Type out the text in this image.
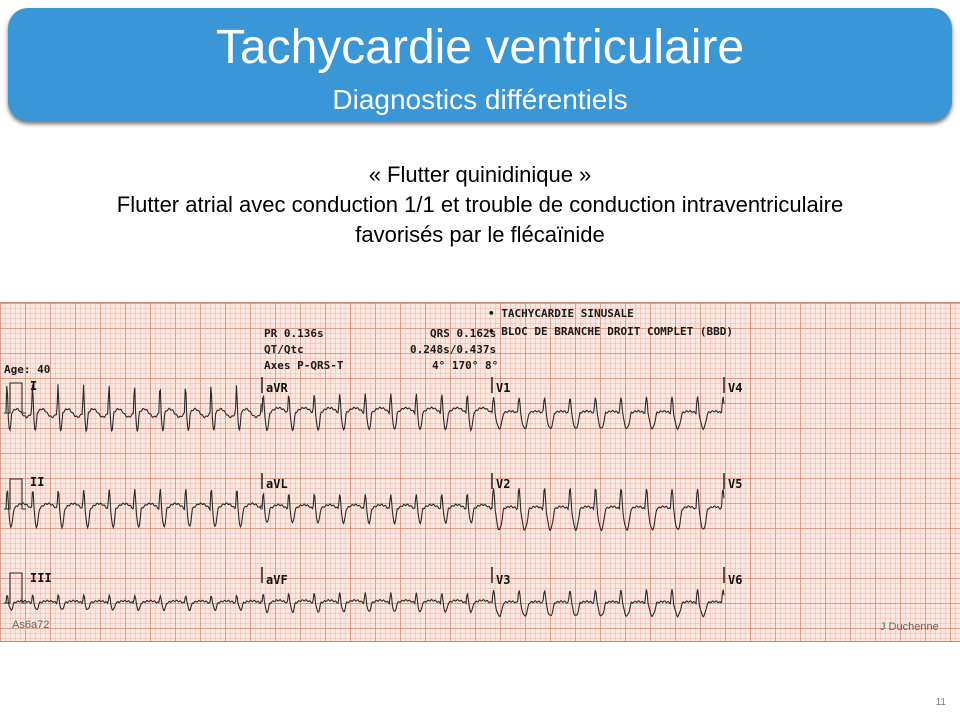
Tachycardie ventriculaire
Diagnostics différentiels
« Flutter quinidinique »
Flutter atrial avec conduction 1/1 et trouble de conduction intraventriculaire
favorisés par le flécaïnide
Age: 40
PR 0.136s
QT/Qtc
Axes P-QRS-T
QRS 0.162s
0.248s/0.437s
4° 170° 8°
• TACHYCARDIE SINUSALE
• BLOC DE BRANCHE DROIT COMPLET (BBD)
I
II
III
aVR
aVL
aVF
V1
V2
V3
V4
V5
V6
As6a72	J Duchenne
11
